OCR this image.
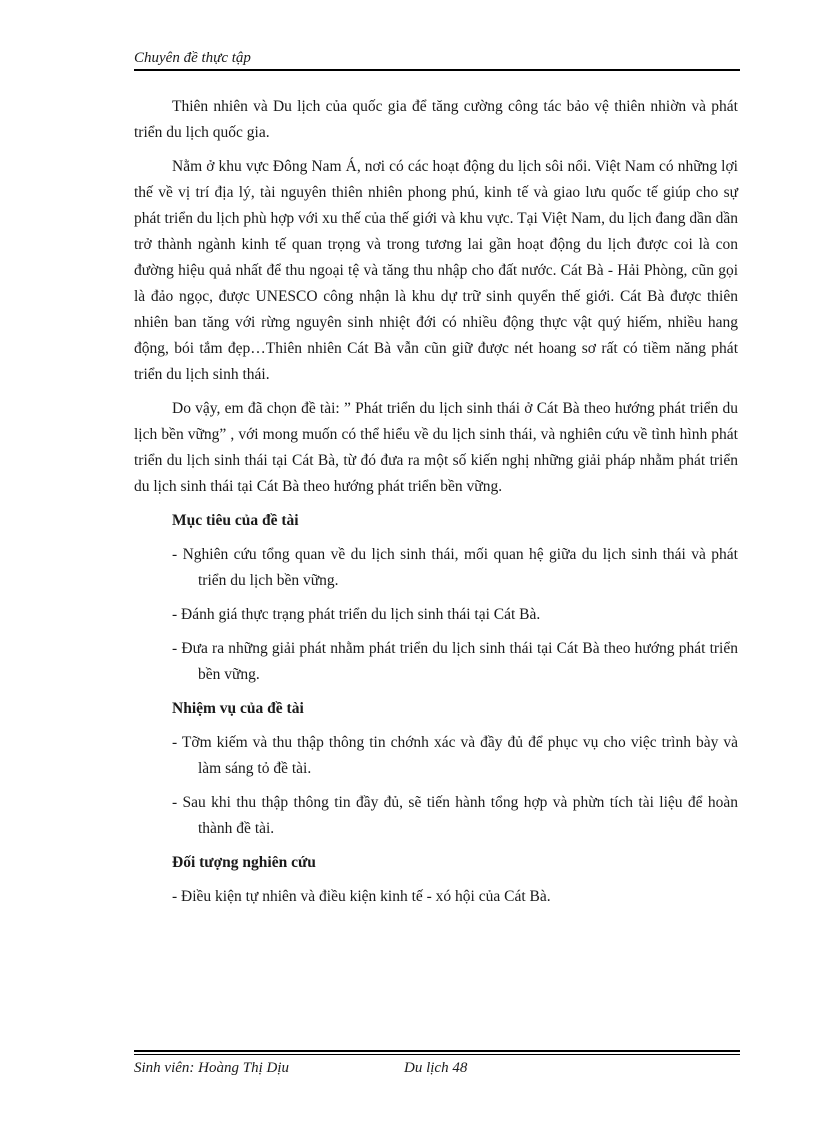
Chuyên đề thực tập

Thiên nhiên và Du lịch của quốc gia để tăng cường công tác bảo vệ thiên nhiờn và phát triển du lịch quốc gia.

Nằm ở khu vực Đông Nam Á, nơi có các hoạt động du lịch sôi nổi. Việt Nam có những lợi thế về vị trí địa lý, tài nguyên thiên nhiên phong phú, kinh tế và giao lưu quốc tế giúp cho sự phát triển du lịch phù hợp với xu thế của thế giới và khu vực. Tại Việt Nam, du lịch đang dần dần trở thành ngành kinh tế quan trọng và trong tương lai gần hoạt động du lịch được coi là con đường hiệu quả nhất để thu ngoại tệ và tăng thu nhập cho đất nước. Cát Bà - Hải Phòng, cũn gọi là đảo ngọc, được UNESCO công nhận là khu dự trữ sinh quyển thế giới. Cát Bà được thiên nhiên ban tăng với rừng nguyên sinh nhiệt đới có nhiều động thực vật quý hiếm, nhiều hang động, bói tắm đẹp…Thiên nhiên Cát Bà vẫn cũn giữ được nét hoang sơ rất có tiềm năng phát triển du lịch sinh thái.

Do vậy, em đã chọn đề tài: ” Phát triển du lịch sinh thái ở Cát Bà theo hướng phát triển du lịch bền vững” , với mong muốn có thể hiểu về du lịch sinh thái, và nghiên cứu về tình hình phát triển du lịch sinh thái tại Cát Bà, từ đó đưa ra một số kiến nghị những giải pháp nhằm phát triển du lịch sinh thái tại Cát Bà theo hướng phát triển bền vững.

Mục tiêu của đề tài
- Nghiên cứu tổng quan về du lịch sinh thái, mối quan hệ giữa du lịch sinh thái và phát triển du lịch bền vững.
- Đánh giá thực trạng phát triển du lịch sinh thái tại Cát Bà.
- Đưa ra những giải phát nhằm phát triển du lịch sinh thái tại Cát Bà theo hướng phát triển bền vững.
Nhiệm vụ của đề tài
- Tỡm kiếm và thu thập thông tin chớnh xác và đầy đủ để phục vụ cho việc trình bày và làm sáng tỏ đề tài.
- Sau khi thu thập thông tin đầy đủ, sẽ tiến hành tổng hợp và phừn tích tài liệu để hoàn thành đề tài.
Đối tượng nghiên cứu
- Điều kiện tự nhiên và điều kiện kinh tế - xó hội của Cát Bà.
Sinh viên: Hoàng Thị Dịu	Du lịch 48
